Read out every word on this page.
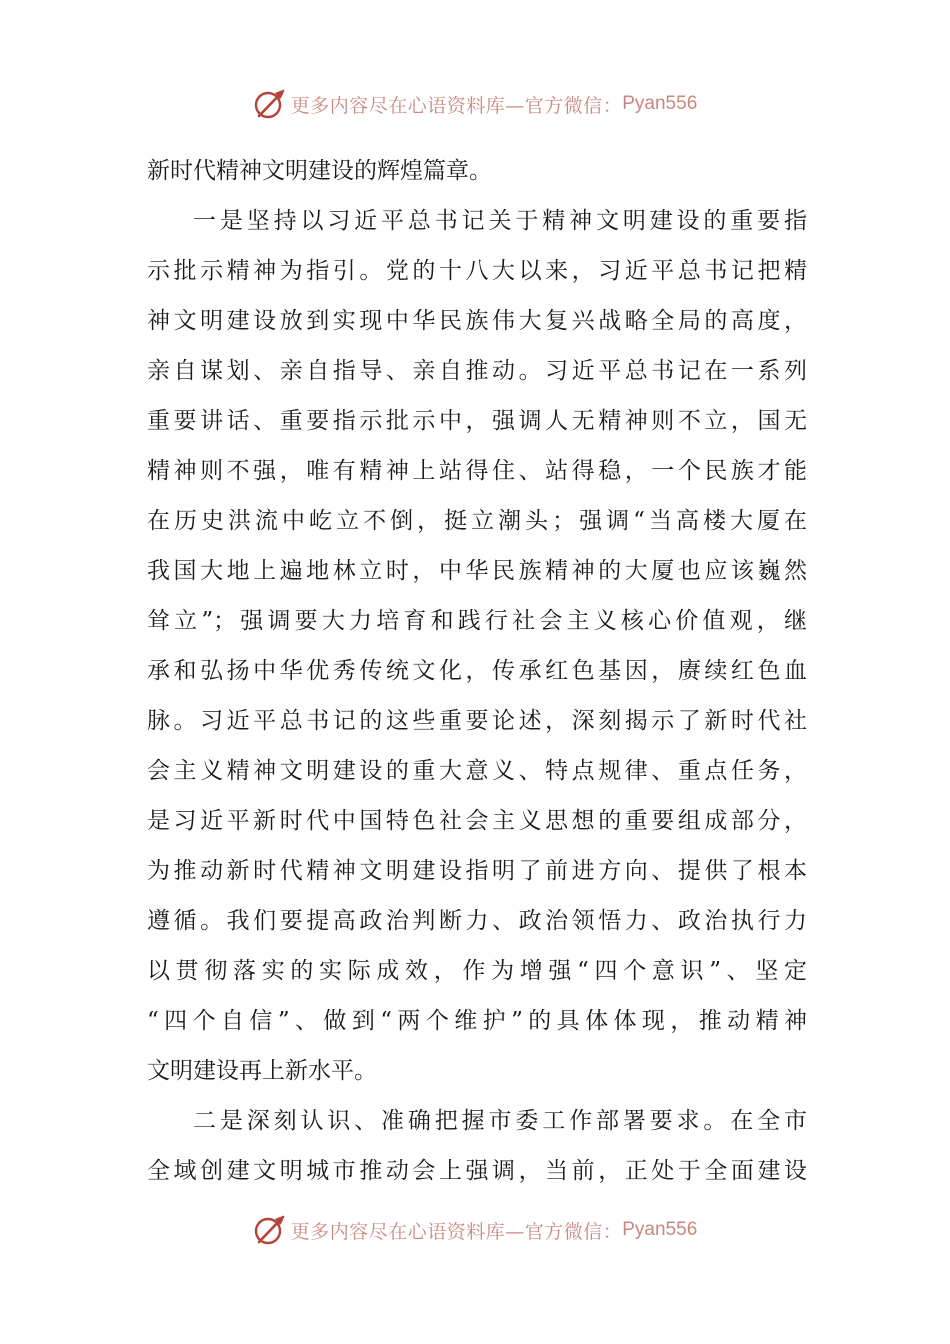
更多内容尽在心语资料库—官方微信： Pyan556
新时代精神文明建设的辉煌篇章。
一是坚持以习近平总书记关于精神文明建设的重要指
示批示精神为指引。党的十八大以来，习近平总书记把精
神文明建设放到实现中华民族伟大复兴战略全局的高度，
亲自谋划、亲自指导、亲自推动。习近平总书记在一系列
重要讲话、重要指示批示中，强调人无精神则不立，国无
精神则不强，唯有精神上站得住、站得稳，一个民族才能
在历史洪流中屹立不倒，挺立潮头；强调“当高楼大厦在
我国大地上遍地林立时，中华民族精神的大厦也应该巍然
耸立”；强调要大力培育和践行社会主义核心价值观，继
承和弘扬中华优秀传统文化，传承红色基因，赓续红色血
脉。习近平总书记的这些重要论述，深刻揭示了新时代社
会主义精神文明建设的重大意义、特点规律、重点任务，
是习近平新时代中国特色社会主义思想的重要组成部分，
为推动新时代精神文明建设指明了前进方向、提供了根本
遵循。我们要提高政治判断力、政治领悟力、政治执行力
以贯彻落实的实际成效，作为增强“四个意识”、坚定
“四个自信”、做到“两个维护”的具体体现，推动精神
文明建设再上新水平。
二是深刻认识、准确把握市委工作部署要求。在全市
全域创建文明城市推动会上强调，当前，正处于全面建设
更多内容尽在心语资料库—官方微信： Pyan556
